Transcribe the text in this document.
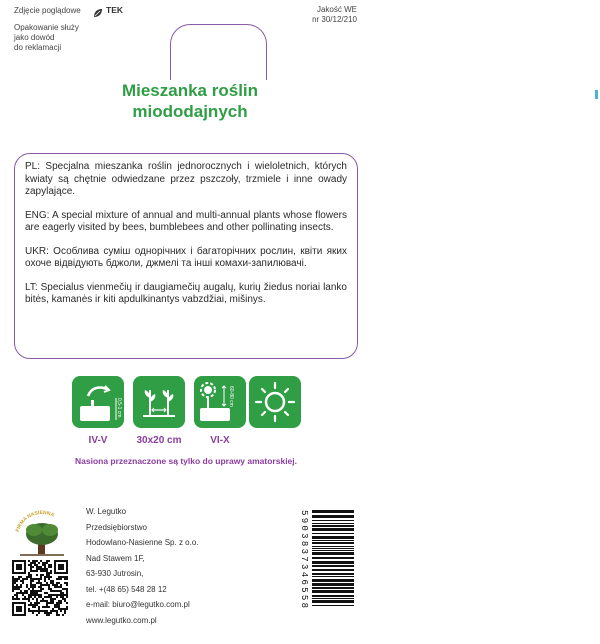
Zdjęcie poglądowe	TEK	Jakość WE
nr 30/12/210
Opakowanie służy
jako dowód
do reklamacji
Mieszanka roślin
miododajnych

PL: Specjalna mieszanka roślin jednorocznych i wieloletnich, których kwiaty są chętnie odwiedzane przez pszczoły, trzmiele i inne owady zapylające.

ENG: A special mixture of annual and multi-annual plants whose flowers are eagerly visited by bees, bumblebees and other pollinating insects.

UKR: Особлива суміш однорічних і багаторічних рослин, квіти яких охоче відвідують бджоли, джмелі та інші комахи-запилювачі.

LT: Specialus vienmečių ir daugiamečių augalų, kurių žiedus noriai lanko bitės, kamanės ir kiti apdulkinantys vabzdžiai, mišinys.

0,5-1 cm
60-80 cm
IV-V	30x20 cm	VI-X
Nasiona przeznaczone są tylko do uprawy amatorskiej.
FIRMA NASIENNA	W. Legutko
Przedsiębiorstwo
Hodowlano-Nasienne Sp. z o.o.
Nad Stawem 1F,
63-930 Jutrosin,
tel. +(48 65) 548 28 12
e-mail: biuro@legutko.com.pl
www.legutko.com.pl
5903837346558
